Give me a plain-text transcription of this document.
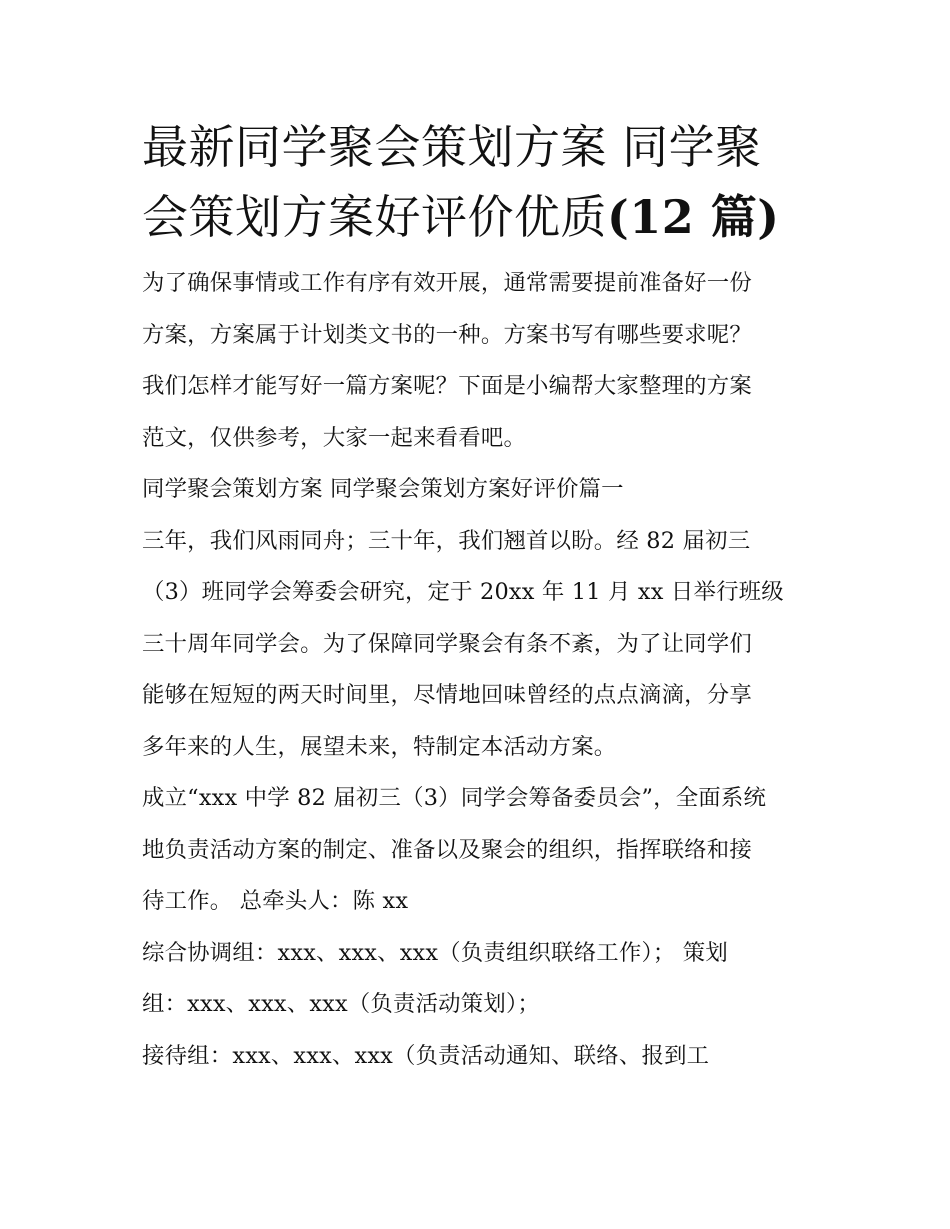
最新同学聚会策划方案 同学聚
会策划方案好评价优质(12 篇)

为了确保事情或工作有序有效开展，通常需要提前准备好一份
方案，方案属于计划类文书的一种。方案书写有哪些要求呢？
我们怎样才能写好一篇方案呢？下面是小编帮大家整理的方案
范文，仅供参考，大家一起来看看吧。

同学聚会策划方案 同学聚会策划方案好评价篇一

三年，我们风雨同舟；三十年，我们翘首以盼。经 82 届初三
（3）班同学会筹委会研究，定于 20xx 年 11 月 xx 日举行班级
三十周年同学会。为了保障同学聚会有条不紊，为了让同学们
能够在短短的两天时间里，尽情地回味曾经的点点滴滴，分享
多年来的人生，展望未来，特制定本活动方案。

成立“xxx 中学 82 届初三（3）同学会筹备委员会”，全面系统
地负责活动方案的制定、准备以及聚会的组织，指挥联络和接
待工作。 总牵头人：陈 xx

综合协调组：xxx、xxx、xxx（负责组织联络工作）； 策划
组：xxx、xxx、xxx（负责活动策划）；

接待组：xxx、xxx、xxx（负责活动通知、联络、报到工
